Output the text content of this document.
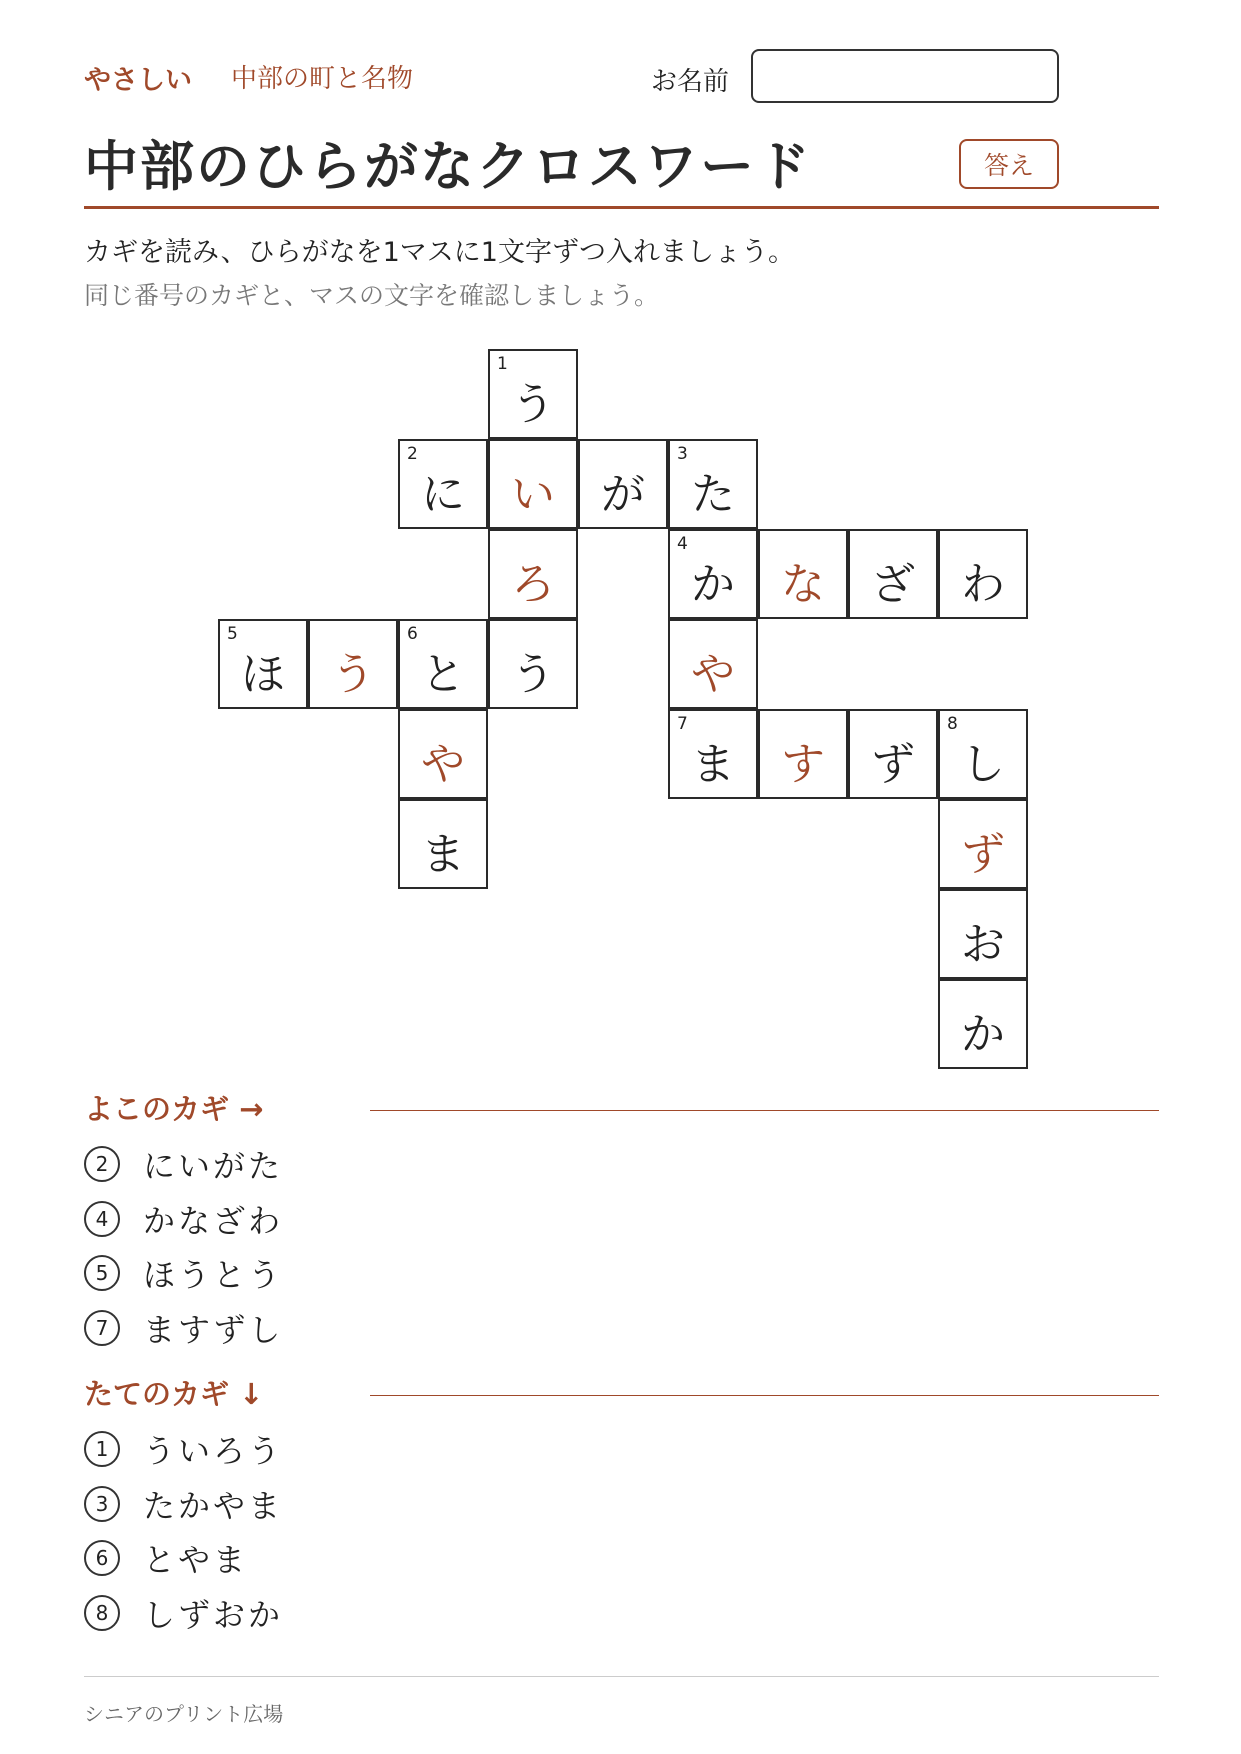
やさしい 中部の町と名物	お名前
中部のひらがなクロスワード	答え
カギを読み、ひらがなを1マスに1文字ずつ入れましょう。
同じ番号のカギと、マスの文字を確認しましょう。
1
う
2
に い が
3
た
ろ
4
か な ざ わ
5
ほ う
6
と う	や
や
7
ま す ず
8
し
ま	ず
お
か
よこのカギ →
2	にいがた
4	かなざわ
5	ほうとう
7	ますずし
たてのカギ ↓
1	ういろう
3	たかやま
6	とやま
8	しずおか
シニアのプリント広場
